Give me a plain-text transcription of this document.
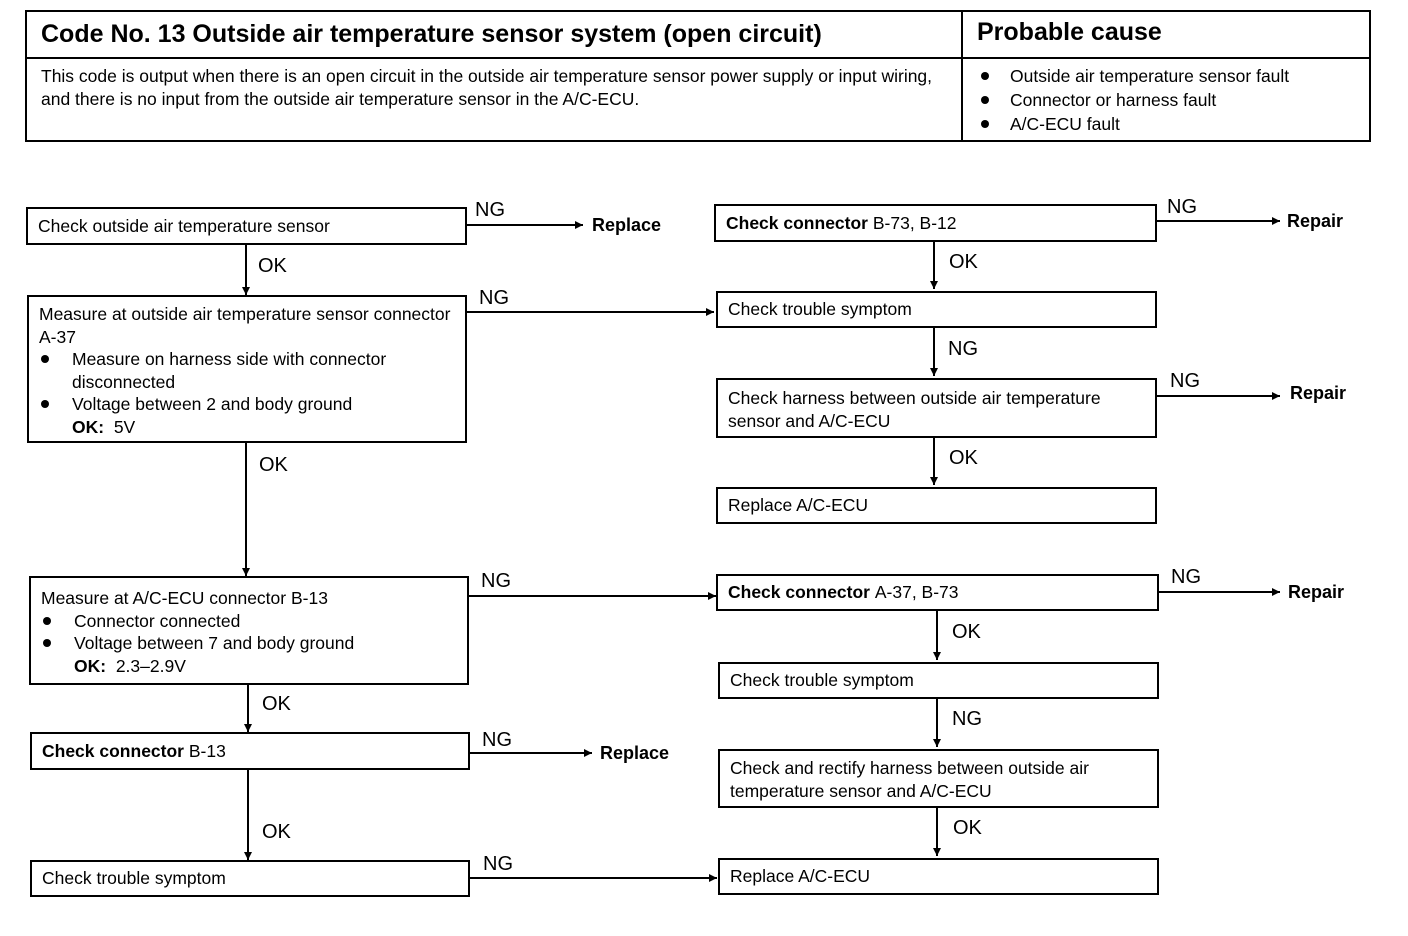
Code No. 13 Outside air temperature sensor system (open circuit)	Probable cause
This code is output when there is an open circuit in the outside air temperature sensor power supply or input wiring, and there is no input from the outside air temperature sensor in the A/C-ECU.
Outside air temperature sensor fault
Connector or harness fault
A/C-ECU fault
Check outside air temperature sensor
Measure at outside air temperature sensor connector A-37
Measure on harness side with connector disconnected
Voltage between 2 and body ground
OK: 5V
Measure at A/C-ECU connector B-13
Connector connected
Voltage between 7 and body ground
OK: 2.3–2.9V
Check connector
B-13
Check trouble symptom
Check connector
B-73, B-12
Check trouble symptom
Check harness between outside air temperature sensor and A/C-ECU
Replace A/C-ECU
Check connector
A-37, B-73
Check trouble symptom
Check and rectify harness between outside air temperature sensor and A/C-ECU
Replace A/C-ECU
NG
Replace
OK
NG
OK
NG
OK
NG
Replace
OK
NG
NG
Repair
OK
NG
NG
Repair
OK
NG
Repair
OK
NG
OK
